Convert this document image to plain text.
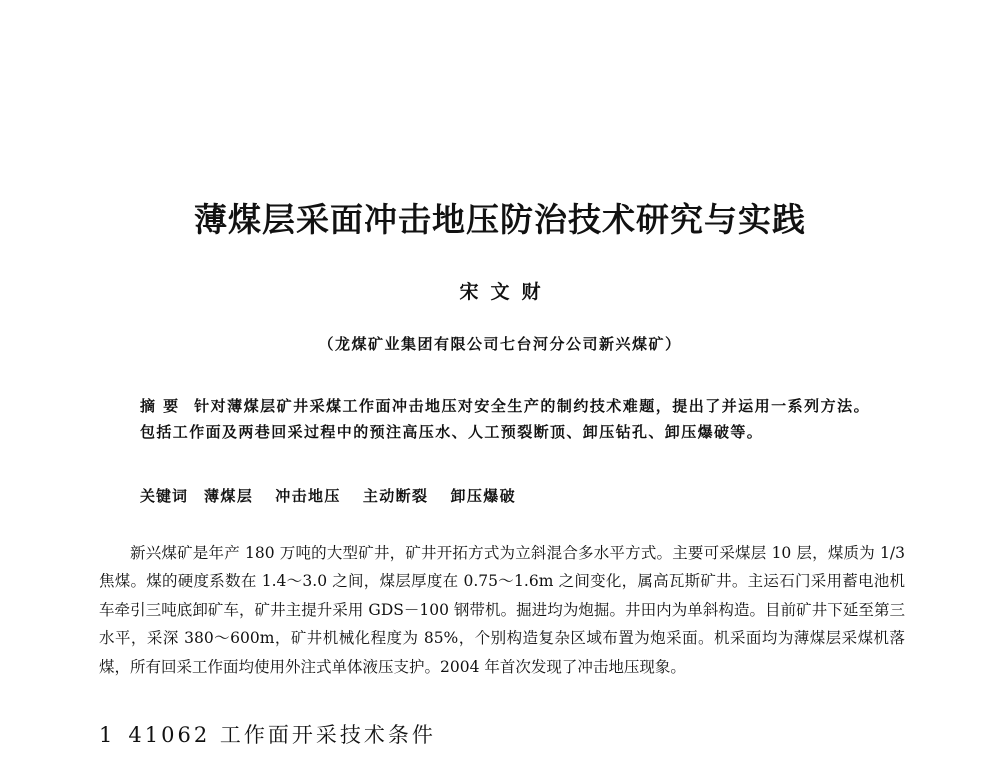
薄煤层采面冲击地压防治技术研究与实践
宋文财
（龙煤矿业集团有限公司七台河分公司新兴煤矿）
摘要 针对薄煤层矿井采煤工作面冲击地压对安全生产的制约技术难题，提出了并运用一系列方法。包括工作面及两巷回采过程中的预注高压水、人工预裂断顶、卸压钻孔、卸压爆破等。
关键词 薄煤层 冲击地压 主动断裂 卸压爆破

新兴煤矿是年产 180 万吨的大型矿井，矿井开拓方式为立斜混合多水平方式。主要可采煤层 10 层，煤质为 1/3 焦煤。煤的硬度系数在 1.4～3.0 之间，煤层厚度在 0.75～1.6m 之间变化，属高瓦斯矿井。主运石门采用蓄电池机车牵引三吨底卸矿车，矿井主提升采用 GDS－100 钢带机。掘进均为炮掘。井田内为单斜构造。目前矿井下延至第三水平，采深 380～600m，矿井机械化程度为 85%，个别构造复杂区域布置为炮采面。机采面均为薄煤层采煤机落煤，所有回采工作面均使用外注式单体液压支护。2004 年首次发现了冲击地压现象。

1 41062 工作面开采技术条件
